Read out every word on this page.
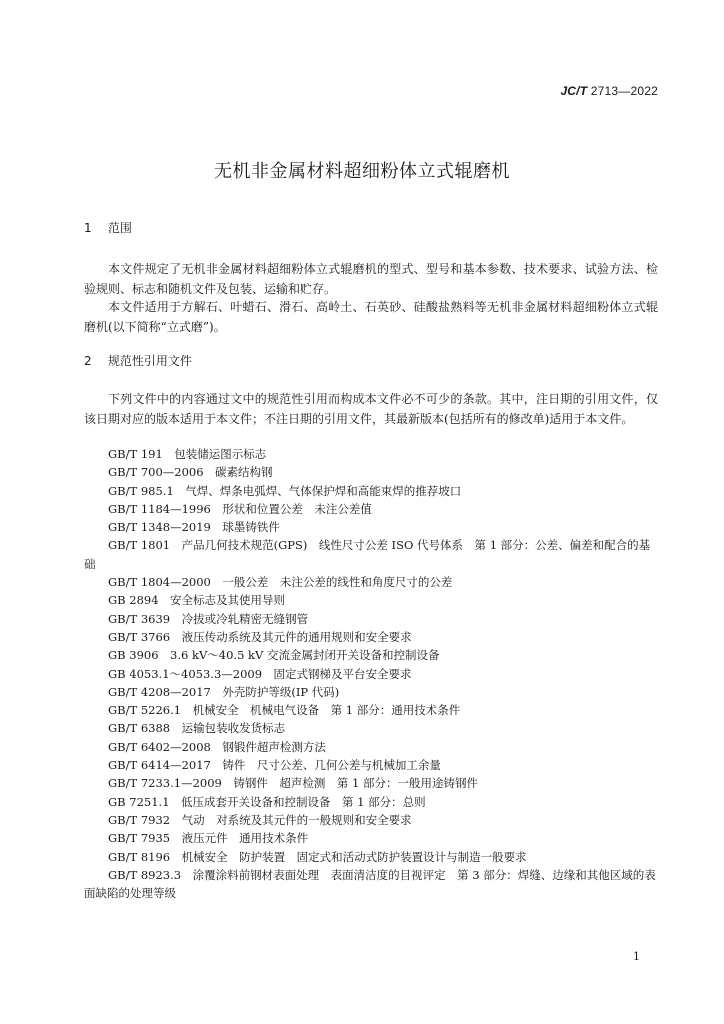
JC/T 2713—2022
无机非金属材料超细粉体立式辊磨机
1 范围

本文件规定了无机非金属材料超细粉体立式辊磨机的型式、型号和基本参数、技术要求、试验方法、检验规则、标志和随机文件及包装、运输和贮存。

本文件适用于方解石、叶蜡石、滑石、高岭土、石英砂、硅酸盐熟料等无机非金属材料超细粉体立式辊磨机(以下简称“立式磨”)。

2 规范性引用文件

下列文件中的内容通过文中的规范性引用而构成本文件必不可少的条款。其中，注日期的引用文件，仅该日期对应的版本适用于本文件；不注日期的引用文件，其最新版本(包括所有的修改单)适用于本文件。

GB/T 191　包装储运图示标志
GB/T 700—2006　碳素结构钢
GB/T 985.1　气焊、焊条电弧焊、气体保护焊和高能束焊的推荐坡口
GB/T 1184—1996　形状和位置公差　未注公差值
GB/T 1348—2019　球墨铸铁件
GB/T 1801　产品几何技术规范(GPS)　线性尺寸公差 ISO 代号体系　第 1 部分：公差、偏差和配合的基础
GB/T 1804—2000　一般公差　未注公差的线性和角度尺寸的公差
GB 2894　安全标志及其使用导则
GB/T 3639　冷拔或冷轧精密无缝钢管
GB/T 3766　液压传动系统及其元件的通用规则和安全要求
GB 3906　3.6 kV～40.5 kV 交流金属封闭开关设备和控制设备
GB 4053.1～4053.3—2009　固定式钢梯及平台安全要求
GB/T 4208—2017　外壳防护等级(IP 代码)
GB/T 5226.1　机械安全　机械电气设备　第 1 部分：通用技术条件
GB/T 6388　运输包装收发货标志
GB/T 6402—2008　钢锻件超声检测方法
GB/T 6414—2017　铸件　尺寸公差、几何公差与机械加工余量
GB/T 7233.1—2009　铸钢件　超声检测　第 1 部分：一般用途铸钢件
GB 7251.1　低压成套开关设备和控制设备　第 1 部分：总则
GB/T 7932　气动　对系统及其元件的一般规则和安全要求
GB/T 7935　液压元件　通用技术条件
GB/T 8196　机械安全　防护装置　固定式和活动式防护装置设计与制造一般要求
GB/T 8923.3　涂覆涂料前钢材表面处理　表面清洁度的目视评定　第 3 部分：焊缝、边缘和其他区域的表面缺陷的处理等级
1
